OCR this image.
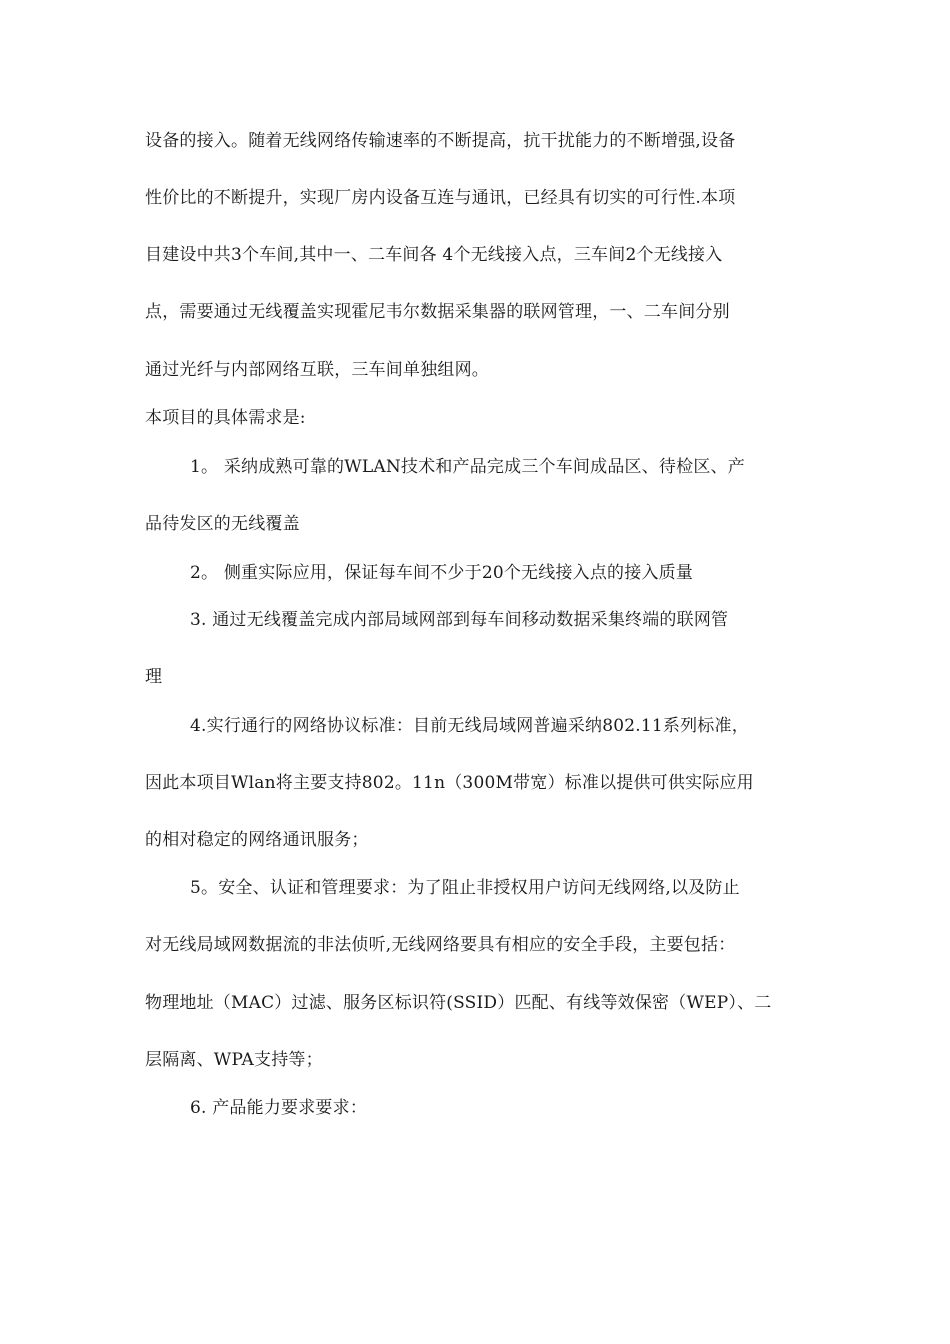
设备的接入。随着无线网络传输速率的不断提高，抗干扰能力的不断增强,设备
性价比的不断提升，实现厂房内设备互连与通讯，已经具有切实的可行性.本项
目建设中共3个车间,其中一、二车间各 4个无线接入点，三车间2个无线接入
点，需要通过无线覆盖实现霍尼韦尔数据采集器的联网管理，一、二车间分别
通过光纤与内部网络互联，三车间单独组网。
本项目的具体需求是:
1。 采纳成熟可靠的WLAN技术和产品完成三个车间成品区、待检区、产
品待发区的无线覆盖
2。 侧重实际应用，保证每车间不少于20个无线接入点的接入质量
3. 通过无线覆盖完成内部局域网部到每车间移动数据采集终端的联网管
理
4.实行通行的网络协议标准：目前无线局域网普遍采纳802.11系列标准，
因此本项目Wlan将主要支持802。11n（300M带宽）标准以提供可供实际应用
的相对稳定的网络通讯服务；
5。安全、认证和管理要求：为了阻止非授权用户访问无线网络,以及防止
对无线局域网数据流的非法侦听,无线网络要具有相应的安全手段，主要包括：
物理地址（MAC）过滤、服务区标识符(SSID）匹配、有线等效保密（WEP）、二
层隔离、WPA支持等；
6. 产品能力要求要求：
